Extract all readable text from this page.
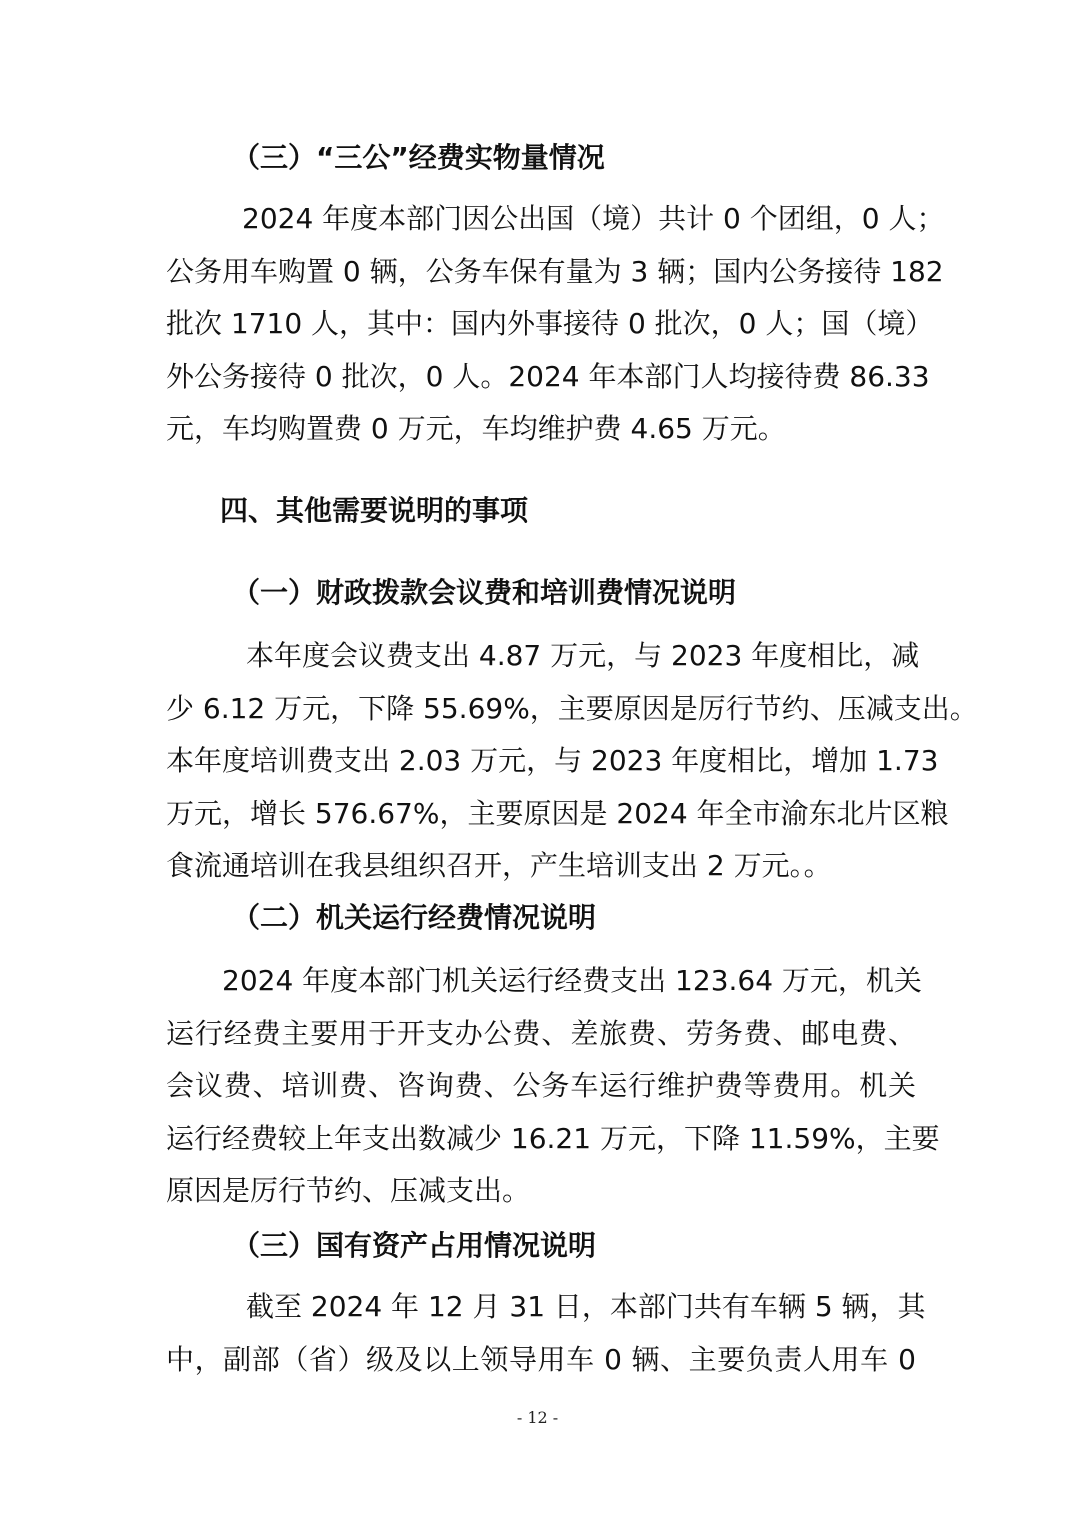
（三）“三公”经费实物量情况
2024 年度本部门因公出国（境）共计 0 个团组，0 人；
公务用车购置 0 辆，公务车保有量为 3 辆；国内公务接待 182
批次 1710 人，其中：国内外事接待 0 批次，0 人；国（境）
外公务接待 0 批次，0 人。2024 年本部门人均接待费 86.33
元，车均购置费 0 万元，车均维护费 4.65 万元。
四、其他需要说明的事项
（一）财政拨款会议费和培训费情况说明
本年度会议费支出 4.87 万元，与 2023 年度相比，减
少 6.12 万元，下降 55.69%，主要原因是厉行节约、压减支出。
本年度培训费支出 2.03 万元，与 2023 年度相比，增加 1.73
万元，增长 576.67%，主要原因是 2024 年全市渝东北片区粮
食流通培训在我县组织召开，产生培训支出 2 万元。。
（二）机关运行经费情况说明
2024 年度本部门机关运行经费支出 123.64 万元，机关
运行经费主要用于开支办公费、差旅费、劳务费、邮电费、
会议费、培训费、咨询费、公务车运行维护费等费用。机关
运行经费较上年支出数减少 16.21 万元，下降 11.59%，主要
原因是厉行节约、压减支出。
（三）国有资产占用情况说明
截至 2024 年 12 月 31 日，本部门共有车辆 5 辆，其
中，副部（省）级及以上领导用车 0 辆、主要负责人用车 0
- 12 -
